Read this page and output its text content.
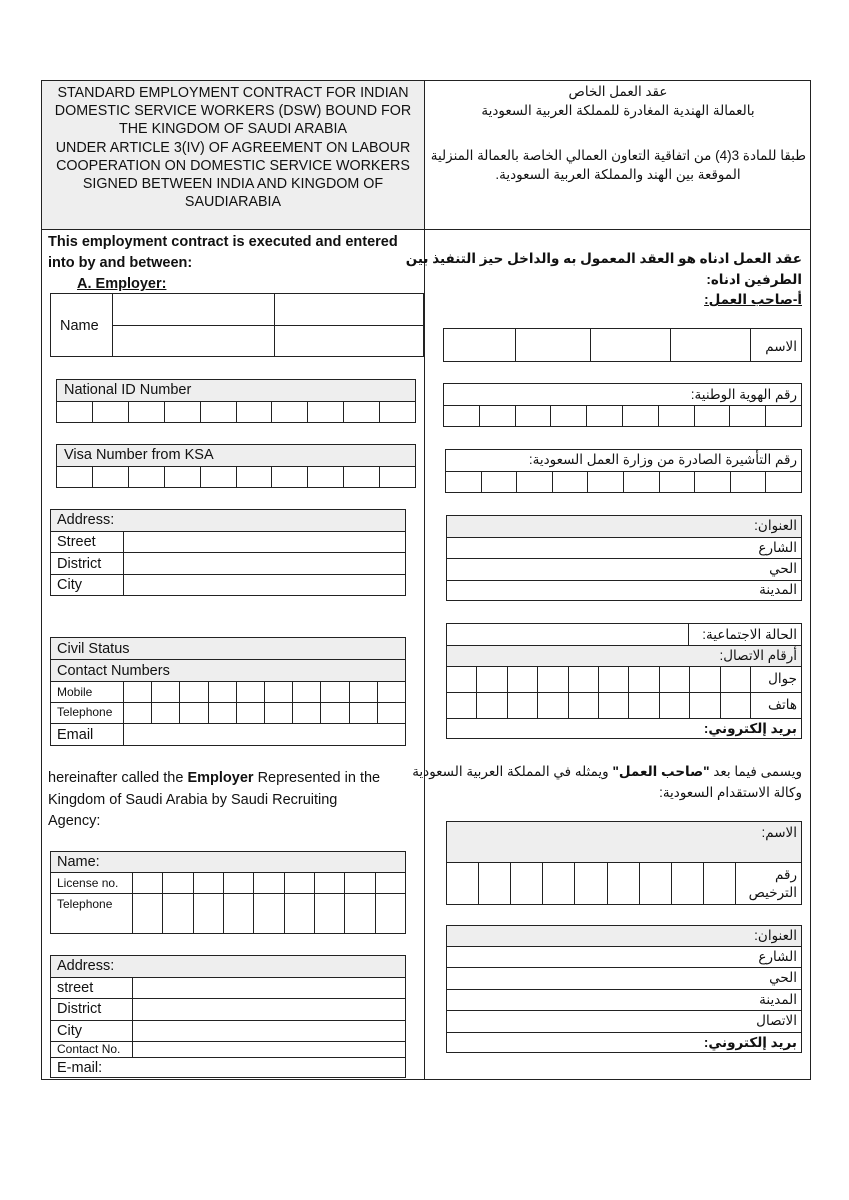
STANDARD EMPLOYMENT CONTRACT FOR INDIAN
DOMESTIC SERVICE WORKERS (DSW) BOUND FOR
THE KINGDOM OF SAUDI ARABIA
UNDER ARTICLE 3(IV) OF AGREEMENT ON LABOUR
COOPERATION ON DOMESTIC SERVICE WORKERS
SIGNED BETWEEN INDIA AND KINGDOM OF
SAUDIARABIA
عقد العمل الخاص
بالعمالة الهندية المغادرة للمملكة العربية السعودية
طبقا للمادة 3(4) من اتفاقية التعاون العمالي الخاصة بالعمالة المنزلية
الموقعة بين الهند والمملكة العربية السعودية.
This employment contract is executed and entered
into by and between:
A. Employer:
عقد العمل ادناه هو العقد المعمول به والداخل حيز التنفيذ بين
الطرفين ادناه:
أ-صاحب العمل:
Name
الاسم
National ID Number	رقم الهوية الوطنية:
Visa Number from KSA	رقم التأشيرة الصادرة من وزارة العمل السعودية:
Address:
Street
District
City
العنوان:
الشارع
الحي
المدينة
Civil Status
Contact Numbers
Mobile
Telephone
Email
الحالة الاجتماعية:
أرقام الاتصال:
جوال
هاتف
بريد إلكتروني:
hereinafter called the Employer Represented in the
Kingdom of Saudi Arabia by Saudi Recruiting
Agency:
ويسمى فيما بعد "صاحب العمل" ويمثله في المملكة العربية السعودية
وكالة الاستقدام السعودية:
Name:
License no.
Telephone
الاسم:
رقم
الترخيص
Address:
street
District
City
Contact No.
E-mail:
العنوان:
الشارع
الحي
المدينة
الاتصال
بريد إلكتروني:
